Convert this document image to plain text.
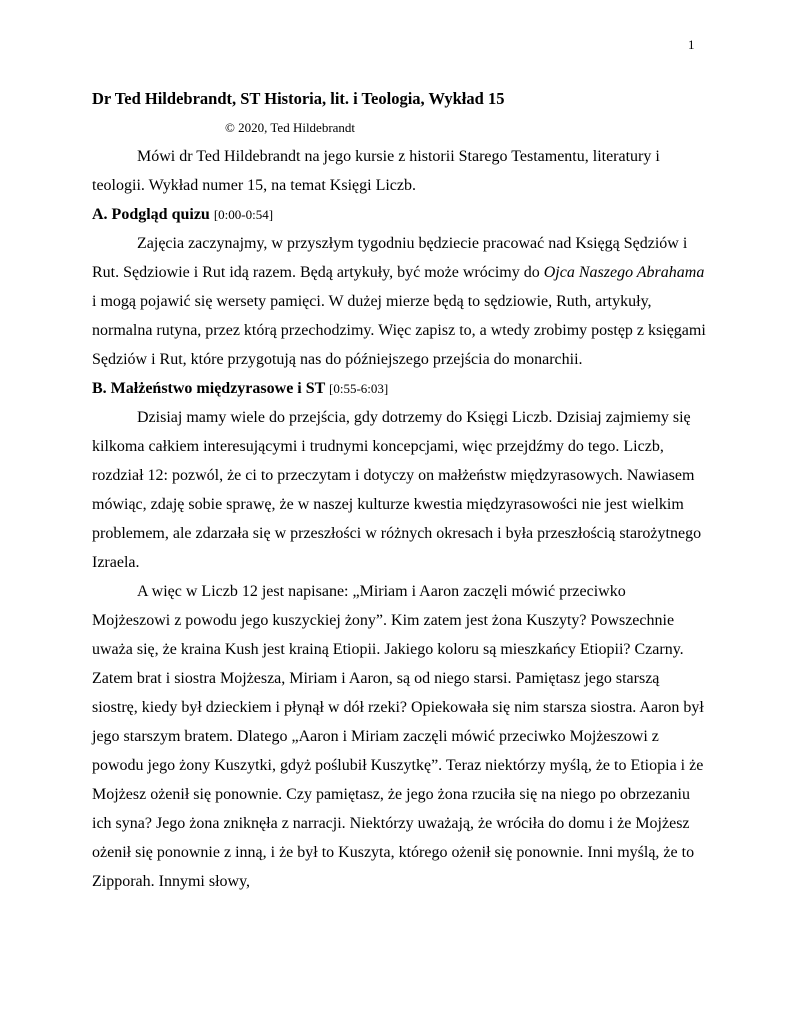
1
Dr Ted Hildebrandt, ST Historia, lit. i Teologia, Wykład 15
© 2020, Ted Hildebrandt

Mówi dr Ted Hildebrandt na jego kursie z historii Starego Testamentu, literatury i teologii. Wykład numer 15, na temat Księgi Liczb.

A. Podgląd quizu [0:00-0:54]

Zajęcia zaczynajmy, w przyszłym tygodniu będziecie pracować nad Księgą Sędziów i Rut. Sędziowie i Rut idą razem. Będą artykuły, być może wrócimy do Ojca Naszego Abrahama i mogą pojawić się wersety pamięci. W dużej mierze będą to sędziowie, Ruth, artykuły, normalna rutyna, przez którą przechodzimy. Więc zapisz to, a wtedy zrobimy postęp z księgami Sędziów i Rut, które przygotują nas do późniejszego przejścia do monarchii.

B. Małżeństwo międzyrasowe i ST [0:55-6:03]

Dzisiaj mamy wiele do przejścia, gdy dotrzemy do Księgi Liczb. Dzisiaj zajmiemy się kilkoma całkiem interesującymi i trudnymi koncepcjami, więc przejdźmy do tego. Liczb, rozdział 12: pozwól, że ci to przeczytam i dotyczy on małżeństw międzyrasowych. Nawiasem mówiąc, zdaję sobie sprawę, że w naszej kulturze kwestia międzyrasowości nie jest wielkim problemem, ale zdarzała się w przeszłości w różnych okresach i była przeszłością starożytnego Izraela.

A więc w Liczb 12 jest napisane: „Miriam i Aaron zaczęli mówić przeciwko Mojżeszowi z powodu jego kuszyckiej żony”. Kim zatem jest żona Kuszyty? Powszechnie uważa się, że kraina Kush jest krainą Etiopii. Jakiego koloru są mieszkańcy Etiopii? Czarny. Zatem brat i siostra Mojżesza, Miriam i Aaron, są od niego starsi. Pamiętasz jego starszą siostrę, kiedy był dzieckiem i płynął w dół rzeki? Opiekowała się nim starsza siostra. Aaron był jego starszym bratem. Dlatego „Aaron i Miriam zaczęli mówić przeciwko Mojżeszowi z powodu jego żony Kuszytki, gdyż poślubił Kuszytkę”. Teraz niektórzy myślą, że to Etiopia i że Mojżesz ożenił się ponownie. Czy pamiętasz, że jego żona rzuciła się na niego po obrzezaniu ich syna? Jego żona zniknęła z narracji. Niektórzy uważają, że wróciła do domu i że Mojżesz ożenił się ponownie z inną, i że był to Kuszyta, którego ożenił się ponownie. Inni myślą, że to Zipporah. Innymi słowy,
